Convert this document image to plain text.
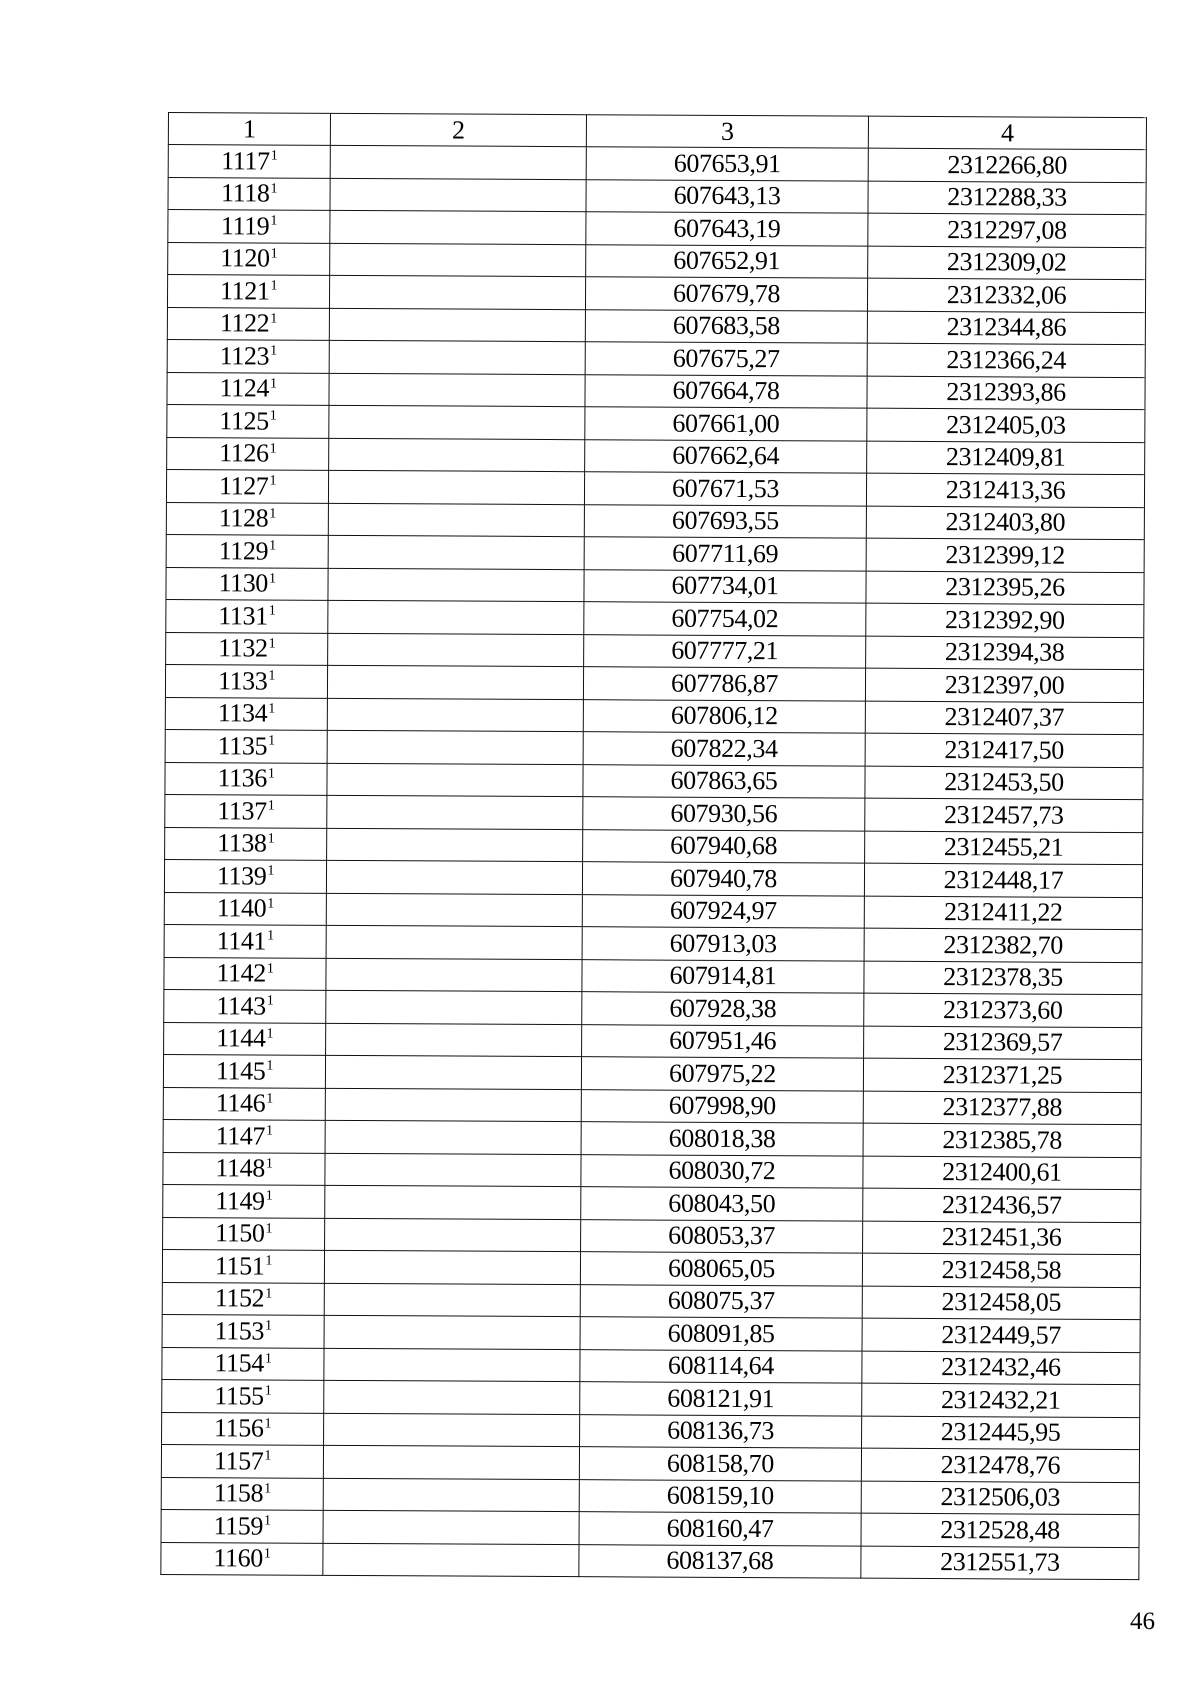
1	2	3	4
1117$^1$		607653,91	2312266,80
1118$^1$		607643,13	2312288,33
1119$^1$		607643,19	2312297,08
1120$^1$		607652,91	2312309,02
1121$^1$		607679,78	2312332,06
1122$^1$		607683,58	2312344,86
1123$^1$		607675,27	2312366,24
1124$^1$		607664,78	2312393,86
1125$^1$		607661,00	2312405,03
1126$^1$		607662,64	2312409,81
1127$^1$		607671,53	2312413,36
1128$^1$		607693,55	2312403,80
1129$^1$		607711,69	2312399,12
1130$^1$		607734,01	2312395,26
1131$^1$		607754,02	2312392,90
1132$^1$		607777,21	2312394,38
1133$^1$		607786,87	2312397,00
1134$^1$		607806,12	2312407,37
1135$^1$		607822,34	2312417,50
1136$^1$		607863,65	2312453,50
1137$^1$		607930,56	2312457,73
1138$^1$		607940,68	2312455,21
1139$^1$		607940,78	2312448,17
1140$^1$		607924,97	2312411,22
1141$^1$		607913,03	2312382,70
1142$^1$		607914,81	2312378,35
1143$^1$		607928,38	2312373,60
1144$^1$		607951,46	2312369,57
1145$^1$		607975,22	2312371,25
1146$^1$		607998,90	2312377,88
1147$^1$		608018,38	2312385,78
1148$^1$		608030,72	2312400,61
1149$^1$		608043,50	2312436,57
1150$^1$		608053,37	2312451,36
1151$^1$		608065,05	2312458,58
1152$^1$		608075,37	2312458,05
1153$^1$		608091,85	2312449,57
1154$^1$		608114,64	2312432,46
1155$^1$		608121,91	2312432,21
1156$^1$		608136,73	2312445,95
1157$^1$		608158,70	2312478,76
1158$^1$		608159,10	2312506,03
1159$^1$		608160,47	2312528,48
1160$^1$		608137,68	2312551,73
46
